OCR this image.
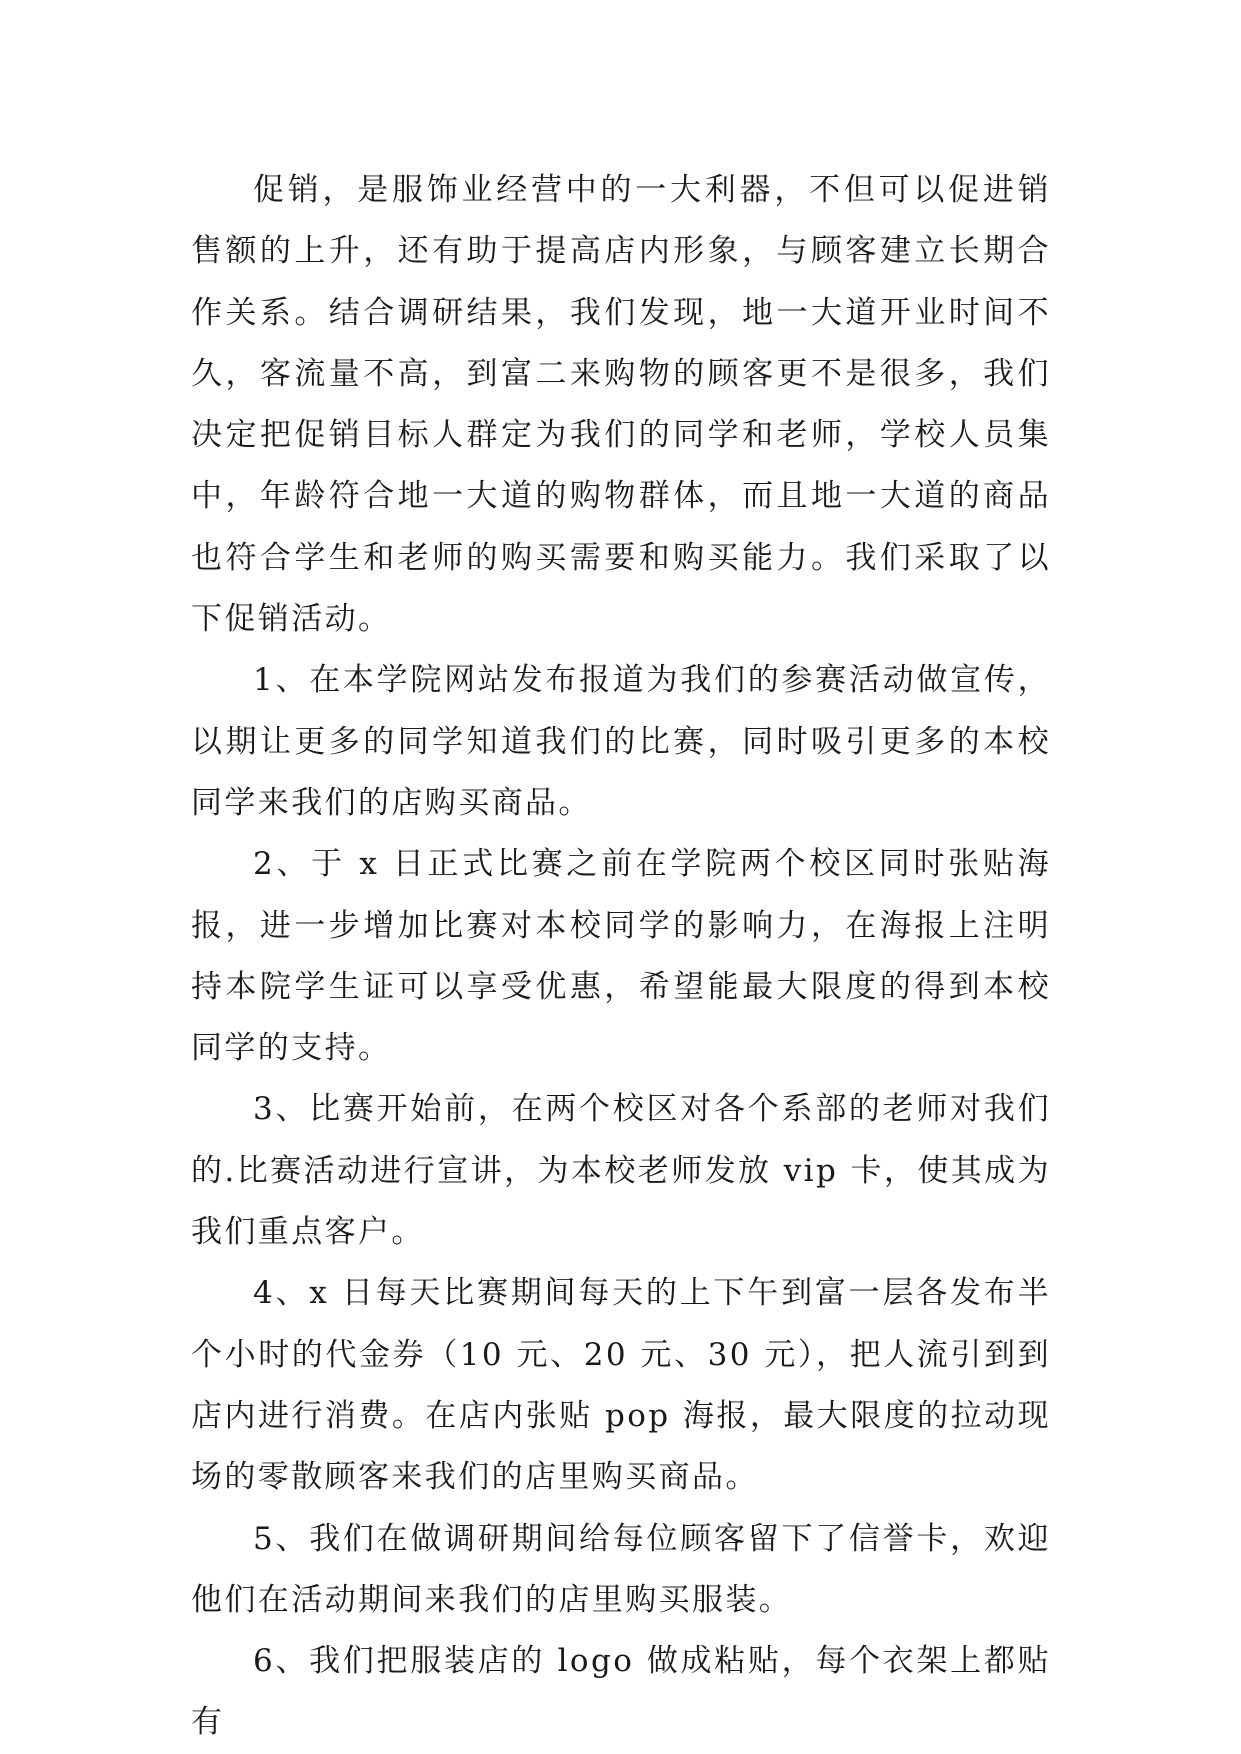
促销，是服饰业经营中的一大利器，不但可以促进销售额的上升，还有助于提高店内形象，与顾客建立长期合作关系。结合调研结果，我们发现，地一大道开业时间不久，客流量不高，到富二来购物的顾客更不是很多，我们决定把促销目标人群定为我们的同学和老师，学校人员集中，年龄符合地一大道的购物群体，而且地一大道的商品也符合学生和老师的购买需要和购买能力。我们采取了以下促销活动。

1、在本学院网站发布报道为我们的参赛活动做宣传，以期让更多的同学知道我们的比赛，同时吸引更多的本校同学来我们的店购买商品。

2、于 x 日正式比赛之前在学院两个校区同时张贴海报，进一步增加比赛对本校同学的影响力，在海报上注明持本院学生证可以享受优惠，希望能最大限度的得到本校同学的支持。

3、比赛开始前，在两个校区对各个系部的老师对我们的.比赛活动进行宣讲，为本校老师发放 vip 卡，使其成为我们重点客户。

4、x 日每天比赛期间每天的上下午到富一层各发布半个小时的代金券（10 元、20 元、30 元），把人流引到到店内进行消费。在店内张贴 pop 海报，最大限度的拉动现场的零散顾客来我们的店里购买商品。

5、我们在做调研期间给每位顾客留下了信誉卡，欢迎他们在活动期间来我们的店里购买服装。

6、我们把服装店的 logo 做成粘贴，每个衣架上都贴有
